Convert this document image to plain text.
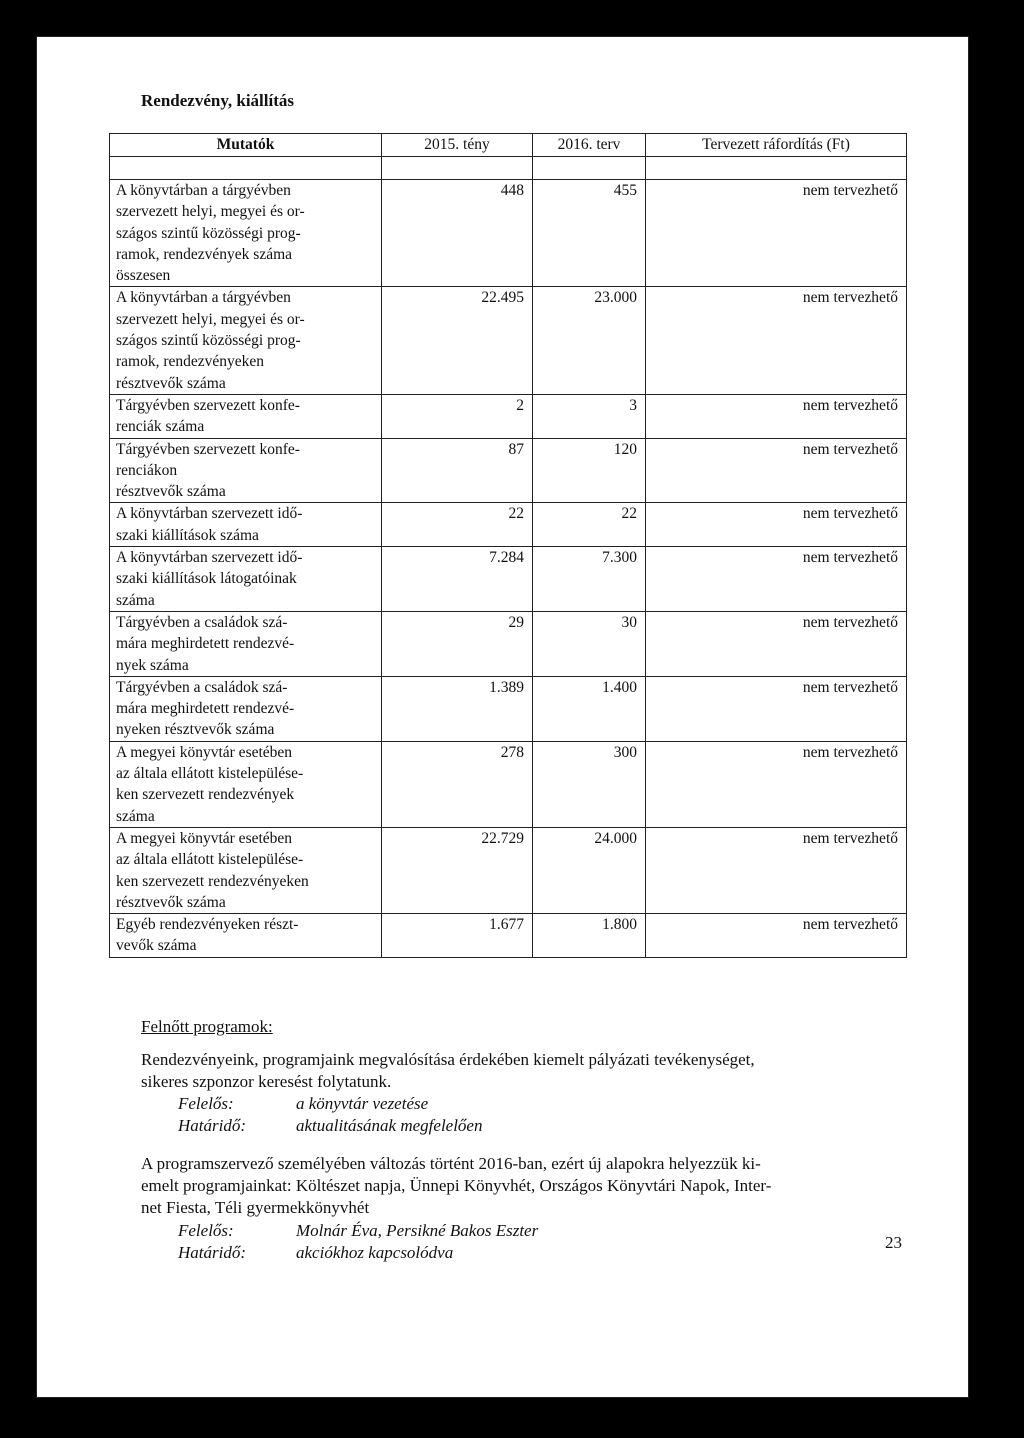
Rendezvény, kiállítás
Mutatók	2015. tény	2016. terv	Tervezett ráfordítás (Ft)

A könyvtárban a tárgyévben
szervezett helyi, megyei és or-
szágos szintű közösségi prog-
ramok, rendezvények száma
összesen	448	455	nem tervezhető

A könyvtárban a tárgyévben
szervezett helyi, megyei és or-
szágos szintű közösségi prog-
ramok, rendezvényeken
résztvevők száma	22.495	23.000	nem tervezhető

Tárgyévben szervezett konfe-
renciák száma	2	3	nem tervezhető

Tárgyévben szervezett konfe-
renciákon
résztvevők száma	87	120	nem tervezhető

A könyvtárban szervezett idő-
szaki kiállítások száma	22	22	nem tervezhető

A könyvtárban szervezett idő-
szaki kiállítások látogatóinak
száma	7.284	7.300	nem tervezhető

Tárgyévben a családok szá-
mára meghirdetett rendezvé-
nyek száma	29	30	nem tervezhető

Tárgyévben a családok szá-
mára meghirdetett rendezvé-
nyeken résztvevők száma	1.389	1.400	nem tervezhető

A megyei könyvtár esetében
az általa ellátott kistelepülése-
ken szervezett rendezvények
száma	278	300	nem tervezhető

A megyei könyvtár esetében
az általa ellátott kistelepülése-
ken szervezett rendezvényeken
résztvevők száma	22.729	24.000	nem tervezhető

Egyéb rendezvényeken részt-
vevők száma	1.677	1.800	nem tervezhető
Felnőtt programok:
Rendezvényeink, programjaink megvalósítása érdekében kiemelt pályázati tevékenységet,
sikeres szponzor keresést folytatunk.
Felelős:	a könyvtár vezetése
Határidő:	aktualitásának megfelelően
A programszervező személyében változás történt 2016-ban, ezért új alapokra helyezzük ki-
emelt programjainkat: Költészet napja, Ünnepi Könyvhét, Országos Könyvtári Napok, Inter-
net Fiesta, Téli gyermekkönyvhét
Felelős:	Molnár Éva, Persikné Bakos Eszter
Határidő:	akciókhoz kapcsolódva
23
